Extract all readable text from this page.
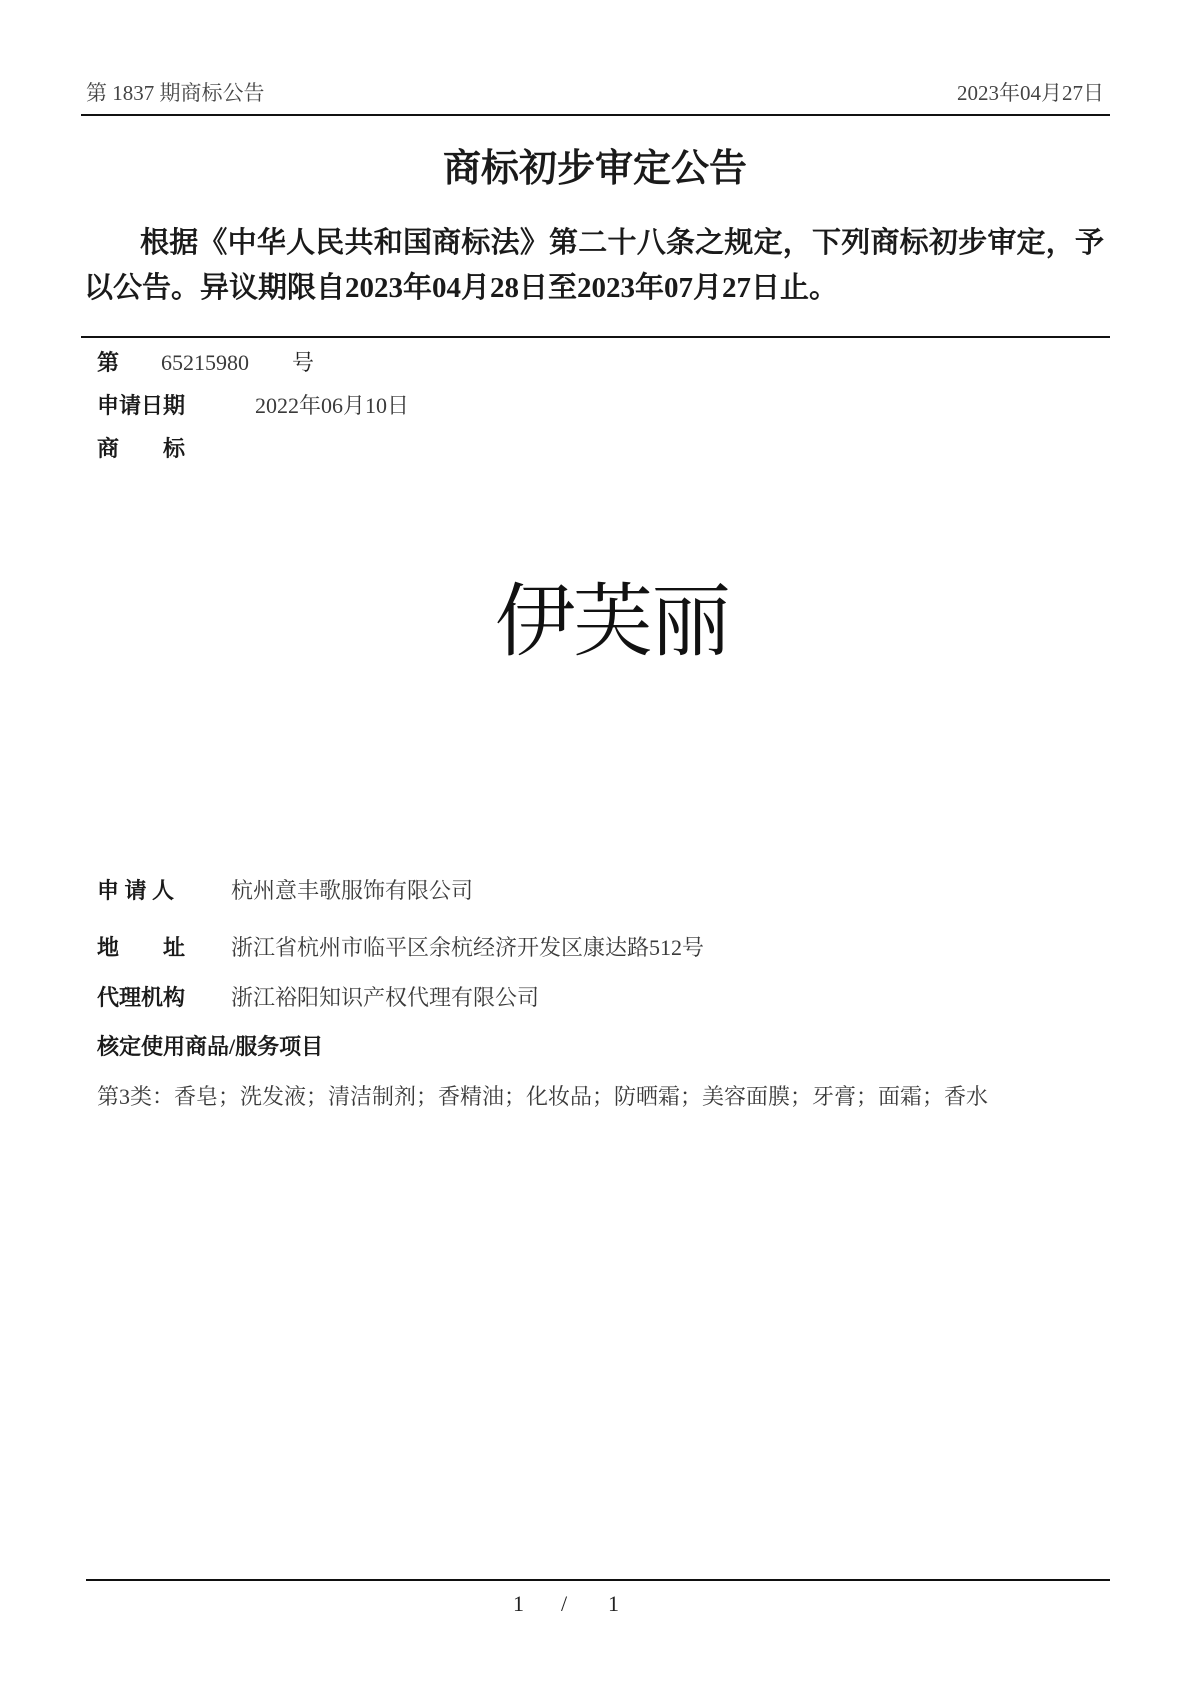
第 1837 期商标公告	2023年04月27日
商标初步审定公告
根据《中华人民共和国商标法》第二十八条之规定，下列商标初步审定，予
以公告。异议期限自2023年04月28日至2023年07月27日止。
第 65215980 号
申请日期	2022年06月10日
商　　标
伊芙丽
申 请 人	杭州意丰歌服饰有限公司
地　　址 浙江省杭州市临平区余杭经济开发区康达路512号
代理机构 浙江裕阳知识产权代理有限公司
核定使用商品/服务项目
第3类：香皂；洗发液；清洁制剂；香精油；化妆品；防晒霜；美容面膜；牙膏；面霜；香水
1 / 1
